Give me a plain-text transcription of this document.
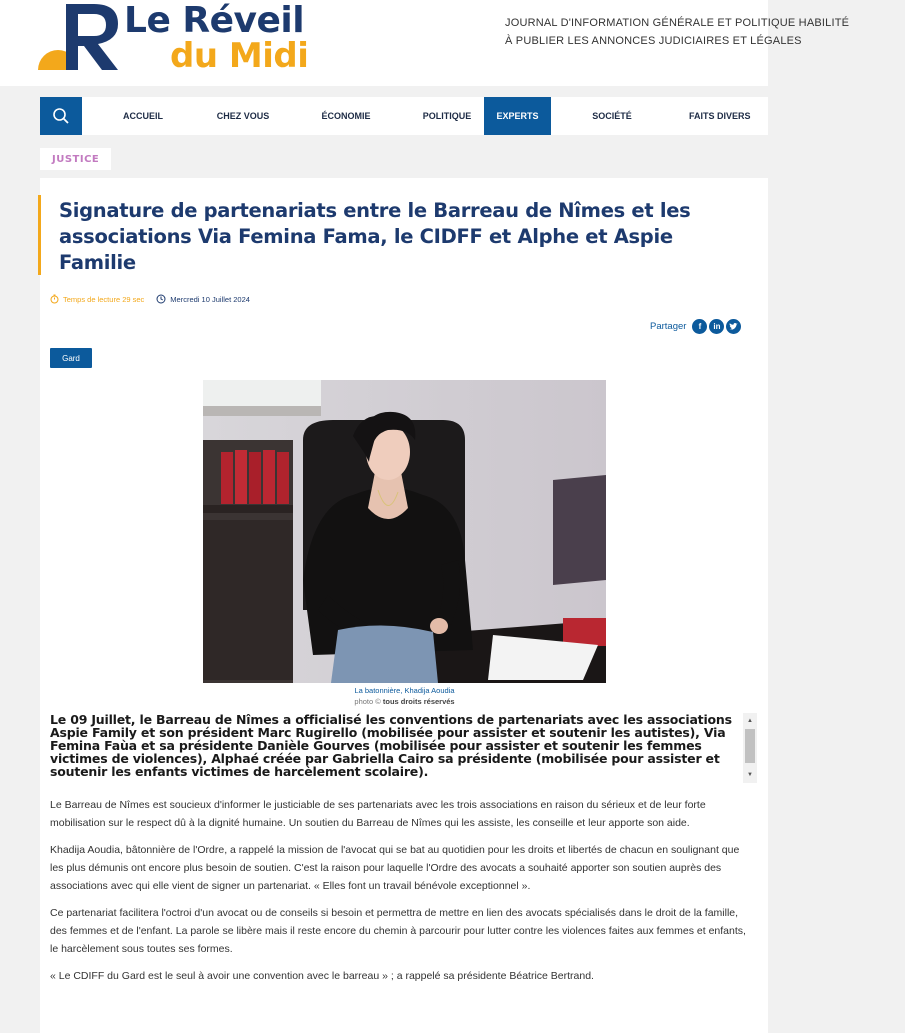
Le Réveil
du Midi
JOURNAL D'INFORMATION GÉNÉRALE ET POLITIQUE HABILITÉ
À PUBLIER LES ANNONCES JUDICIAIRES ET LÉGALES
ACCUEIL	CHEZ VOUS	ÉCONOMIE	POLITIQUE	EXPERTS	SOCIÉTÉ	FAITS DIVERS
JUSTICE
Signature de partenariats entre le Barreau de Nîmes et les associations Via Femina Fama, le CIDFF et Alphe et Aspie Familie
Temps de lecture 29 sec	Mercredi 10 Juillet 2024
Partager	f	in
Gard
La batonnière, Khadija Aoudia
photo © tous droits réservés

Le 09 Juillet, le Barreau de Nîmes a officialisé les conventions de partenariats avec les associations Aspie Family et son président Marc Rugirello (mobilisée pour assister et soutenir les autistes), Via Femina Faùa et sa présidente Danièle Gourves (mobilisée pour assister et soutenir les femmes victimes de violences), Alphaé créée par Gabriella Cairo sa présidente (mobilisée pour assister et soutenir les enfants victimes de harcèlement scolaire).

▲
▼

Le Barreau de Nîmes est soucieux d'informer le justiciable de ses partenariats avec les trois associations en raison du sérieux et de leur forte mobilisation sur le respect dû à la dignité humaine. Un soutien du Barreau de Nîmes qui les assiste, les conseille et leur apporte son aide.

Khadija Aoudia, bâtonnière de l'Ordre, a rappelé la mission de l'avocat qui se bat au quotidien pour les droits et libertés de chacun en soulignant que les plus démunis ont encore plus besoin de soutien. C'est la raison pour laquelle l'Ordre des avocats a souhaité apporter son soutien auprès des associations avec qui elle vient de signer un partenariat. « Elles font un travail bénévole exceptionnel ».

Ce partenariat facilitera l'octroi d'un avocat ou de conseils si besoin et permettra de mettre en lien des avocats spécialisés dans le droit de la famille, des femmes et de l'enfant. La parole se libère mais il reste encore du chemin à parcourir pour lutter contre les violences faites aux femmes et enfants, le harcèlement sous toutes ses formes.

« Le CDIFF du Gard est le seul à avoir une convention avec le barreau » ; a rappelé sa présidente Béatrice Bertrand.
